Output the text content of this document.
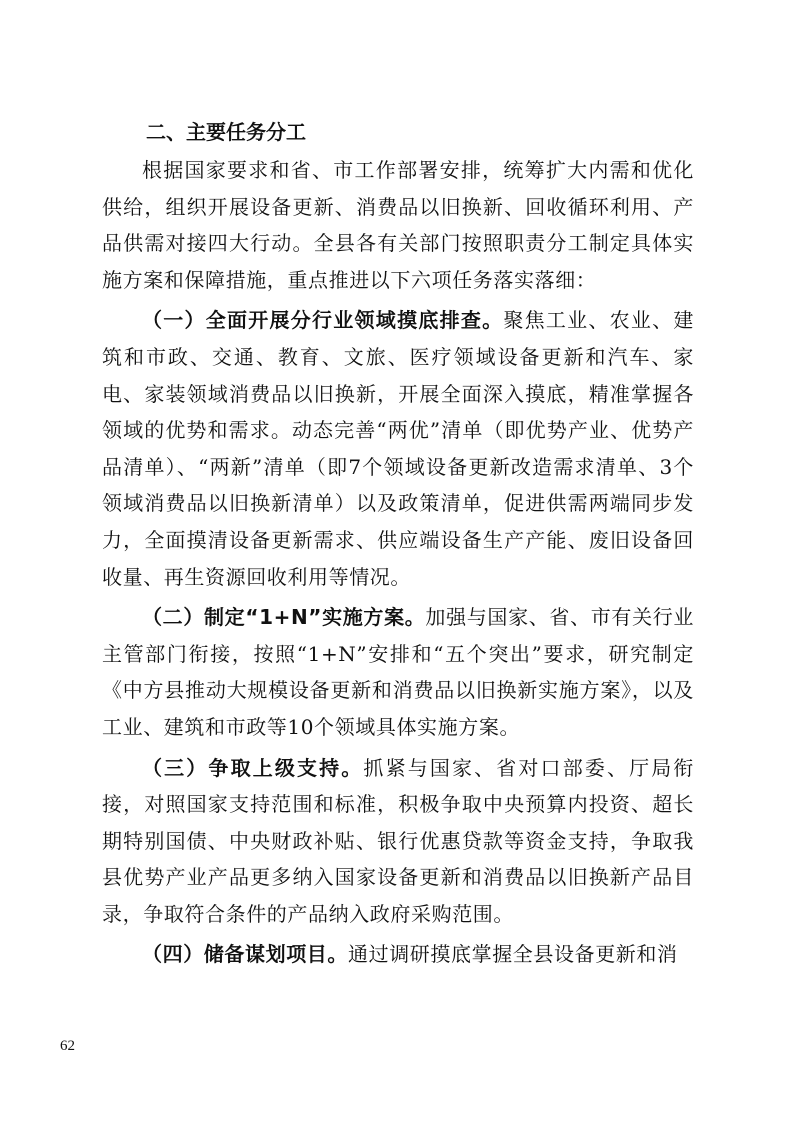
二、主要任务分工

根据国家要求和省、市工作部署安排，统筹扩大内需和优化供给，组织开展设备更新、消费品以旧换新、回收循环利用、产品供需对接四大行动。全县各有关部门按照职责分工制定具体实施方案和保障措施，重点推进以下六项任务落实落细：

（一）全面开展分行业领域摸底排查。聚焦工业、农业、建筑和市政、交通、教育、文旅、医疗领域设备更新和汽车、家电、家装领域消费品以旧换新，开展全面深入摸底，精准掌握各领域的优势和需求。动态完善“两优”清单（即优势产业、优势产品清单）、“两新”清单（即7个领域设备更新改造需求清单、3个领域消费品以旧换新清单）以及政策清单，促进供需两端同步发力，全面摸清设备更新需求、供应端设备生产产能、废旧设备回收量、再生资源回收利用等情况。

（二）制定“1+N”实施方案。加强与国家、省、市有关行业主管部门衔接，按照“1+N”安排和“五个突出”要求，研究制定《中方县推动大规模设备更新和消费品以旧换新实施方案》，以及工业、建筑和市政等10个领域具体实施方案。

（三）争取上级支持。抓紧与国家、省对口部委、厅局衔接，对照国家支持范围和标准，积极争取中央预算内投资、超长期特别国债、中央财政补贴、银行优惠贷款等资金支持，争取我县优势产业产品更多纳入国家设备更新和消费品以旧换新产品目录，争取符合条件的产品纳入政府采购范围。

（四）储备谋划项目。通过调研摸底掌握全县设备更新和消

62
